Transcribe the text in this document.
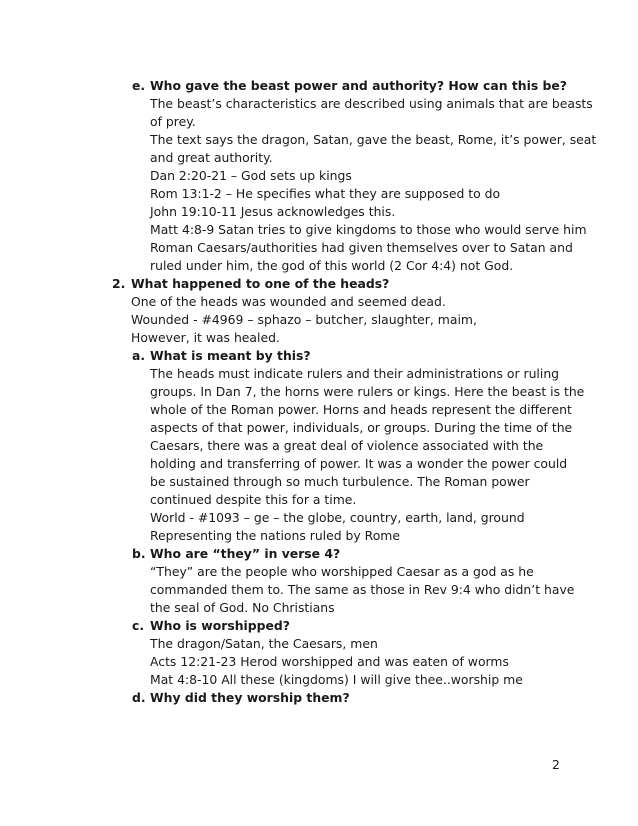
e. Who gave the beast power and authority? How can this be?
The beast’s characteristics are described using animals that are beasts
of prey.
The text says the dragon, Satan, gave the beast, Rome, it’s power, seat
and great authority.
Dan 2:20-21 – God sets up kings
Rom 13:1-2 – He specifies what they are supposed to do
John 19:10-11 Jesus acknowledges this.
Matt 4:8-9 Satan tries to give kingdoms to those who would serve him
Roman Caesars/authorities had given themselves over to Satan and
ruled under him, the god of this world (2 Cor 4:4) not God.
2. What happened to one of the heads?
One of the heads was wounded and seemed dead.
Wounded - #4969 – sphazo – butcher, slaughter, maim,
However, it was healed.
a. What is meant by this?
The heads must indicate rulers and their administrations or ruling
groups. In Dan 7, the horns were rulers or kings. Here the beast is the
whole of the Roman power. Horns and heads represent the different
aspects of that power, individuals, or groups. During the time of the
Caesars, there was a great deal of violence associated with the
holding and transferring of power. It was a wonder the power could
be sustained through so much turbulence. The Roman power
continued despite this for a time.
World - #1093 – ge – the globe, country, earth, land, ground
Representing the nations ruled by Rome
b. Who are “they” in verse 4?
“They” are the people who worshipped Caesar as a god as he
commanded them to. The same as those in Rev 9:4 who didn’t have
the seal of God. No Christians
c. Who is worshipped?
The dragon/Satan, the Caesars, men
Acts 12:21-23 Herod worshipped and was eaten of worms
Mat 4:8-10 All these (kingdoms) I will give thee..worship me
d. Why did they worship them?
2
